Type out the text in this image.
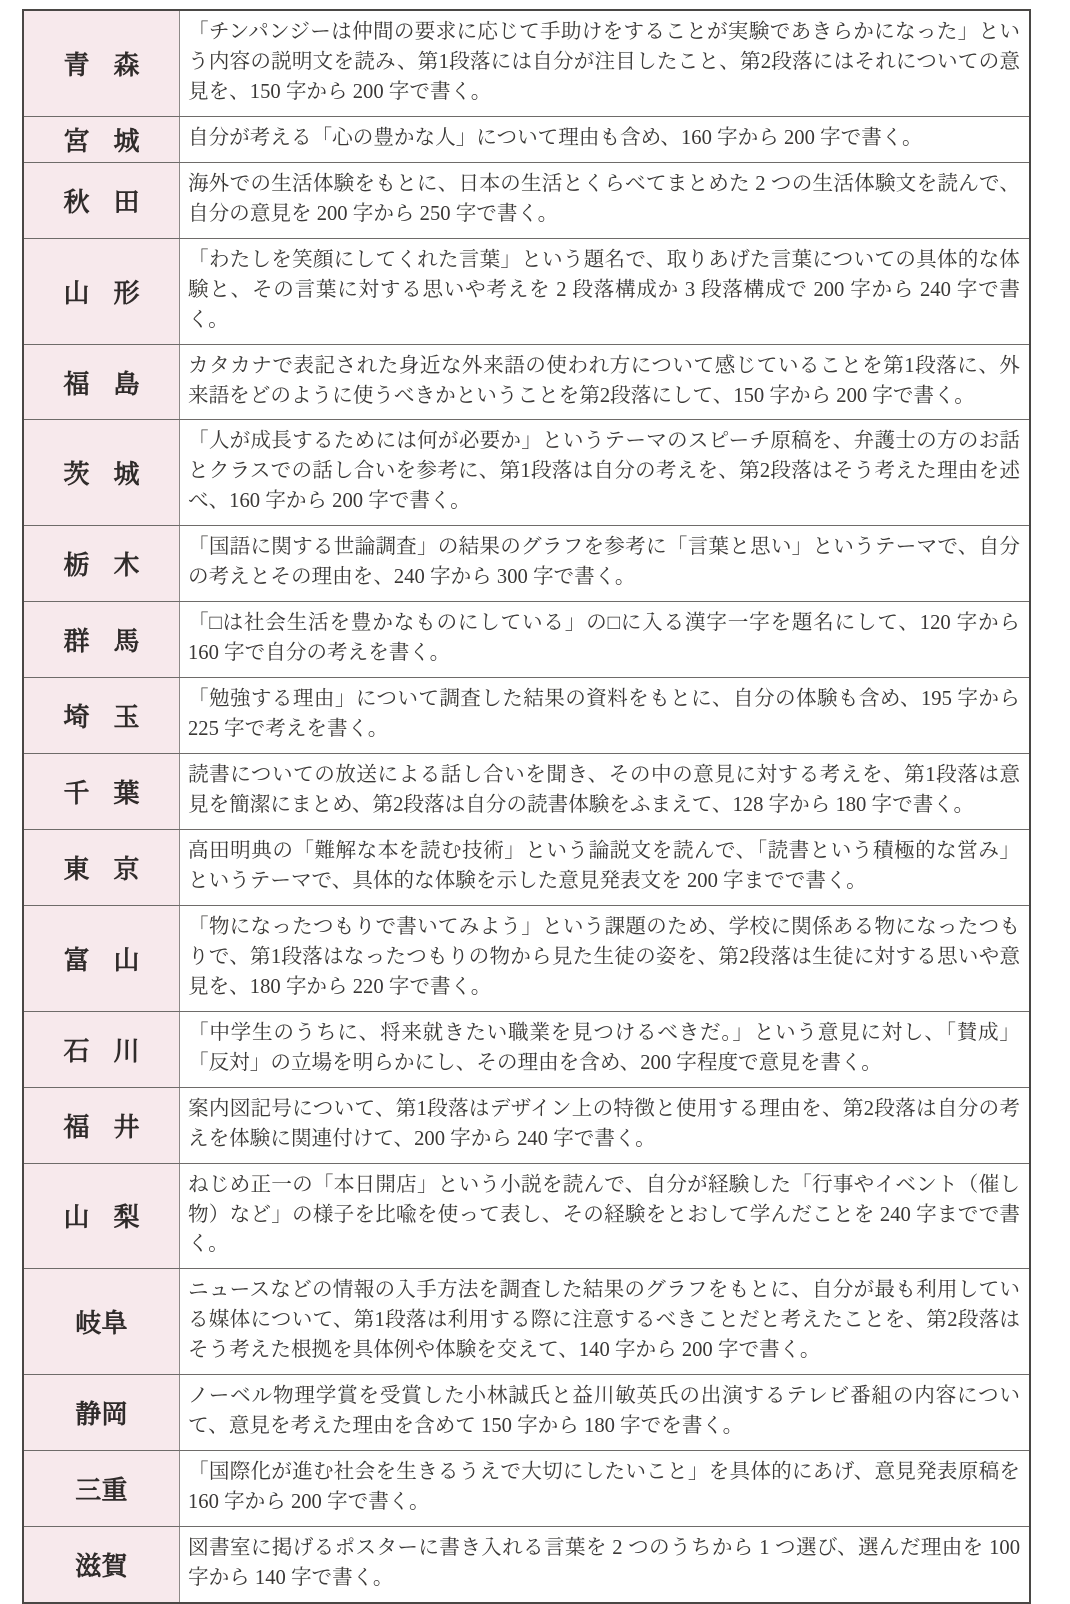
青森	「チンパンジーは仲間の要求に応じて手助けをすることが実験であきらかになった」という内容の説明文を読み、第1段落には自分が注目したこと、第2段落にはそれについての意見を、150 字から 200 字で書く。

宮城	自分が考える「心の豊かな人」について理由も含め、160 字から 200 字で書く。

秋田	海外での生活体験をもとに、日本の生活とくらべてまとめた 2 つの生活体験文を読んで、自分の意見を 200 字から 250 字で書く。

山形	「わたしを笑顔にしてくれた言葉」という題名で、取りあげた言葉についての具体的な体験と、その言葉に対する思いや考えを 2 段落構成か 3 段落構成で 200 字から 240 字で書く。

福島	カタカナで表記された身近な外来語の使われ方について感じていることを第1段落に、外来語をどのように使うべきかということを第2段落にして、150 字から 200 字で書く。

茨城	「人が成長するためには何が必要か」というテーマのスピーチ原稿を、弁護士の方のお話とクラスでの話し合いを参考に、第1段落は自分の考えを、第2段落はそう考えた理由を述べ、160 字から 200 字で書く。

栃木	「国語に関する世論調査」の結果のグラフを参考に「言葉と思い」というテーマで、自分の考えとその理由を、240 字から 300 字で書く。

群馬	「□は社会生活を豊かなものにしている」の□に入る漢字一字を題名にして、120 字から 160 字で自分の考えを書く。

埼玉	「勉強する理由」について調査した結果の資料をもとに、自分の体験も含め、195 字から 225 字で考えを書く。

千葉	読書についての放送による話し合いを聞き、その中の意見に対する考えを、第1段落は意見を簡潔にまとめ、第2段落は自分の読書体験をふまえて、128 字から 180 字で書く。

東京	高田明典の「難解な本を読む技術」という論説文を読んで、「読書という積極的な営み」というテーマで、具体的な体験を示した意見発表文を 200 字までで書く。

富山	「物になったつもりで書いてみよう」という課題のため、学校に関係ある物になったつもりで、第1段落はなったつもりの物から見た生徒の姿を、第2段落は生徒に対する思いや意見を、180 字から 220 字で書く。

石川	「中学生のうちに、将来就きたい職業を見つけるべきだ。」という意見に対し、「賛成」「反対」の立場を明らかにし、その理由を含め、200 字程度で意見を書く。

福井	案内図記号について、第1段落はデザイン上の特徴と使用する理由を、第2段落は自分の考えを体験に関連付けて、200 字から 240 字で書く。

山梨	ねじめ正一の「本日開店」という小説を読んで、自分が経験した「行事やイベント（催し物）など」の様子を比喩を使って表し、その経験をとおして学んだことを 240 字までで書く。

岐阜	ニュースなどの情報の入手方法を調査した結果のグラフをもとに、自分が最も利用している媒体について、第1段落は利用する際に注意するべきことだと考えたことを、第2段落はそう考えた根拠を具体例や体験を交えて、140 字から 200 字で書く。

静岡	ノーベル物理学賞を受賞した小林誠氏と益川敏英氏の出演するテレビ番組の内容について、意見を考えた理由を含めて 150 字から 180 字でを書く。

三重	「国際化が進む社会を生きるうえで大切にしたいこと」を具体的にあげ、意見発表原稿を 160 字から 200 字で書く。

滋賀	図書室に掲げるポスターに書き入れる言葉を 2 つのうちから 1 つ選び、選んだ理由を 100 字から 140 字で書く。
